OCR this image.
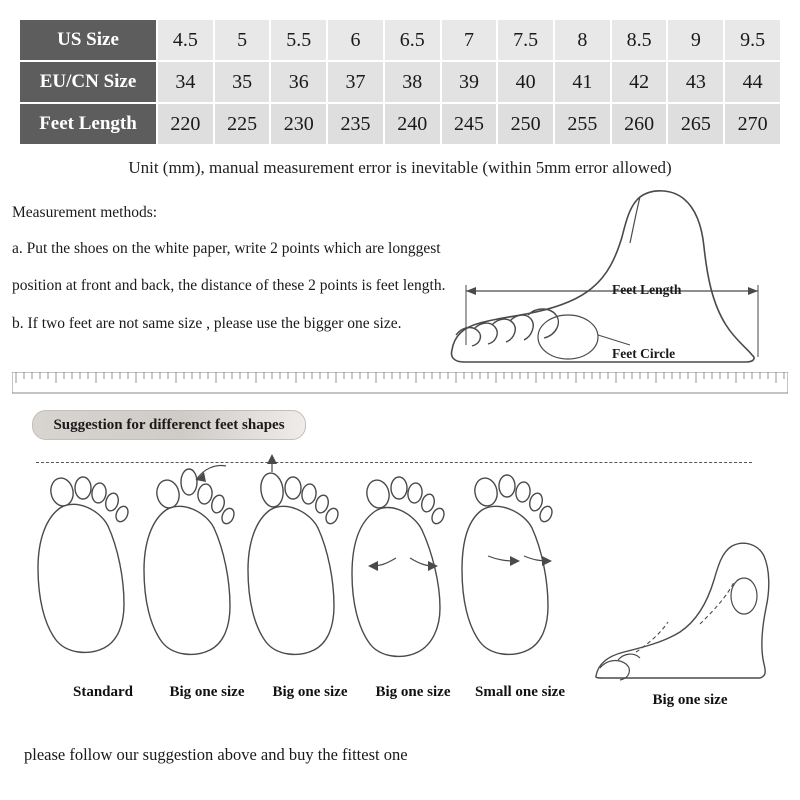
US Size	4.5	5	5.5	6	6.5	7	7.5	8	8.5	9	9.5
EU/CN Size	34	35	36	37	38	39	40	41	42	43	44
Feet Length	220	225	230	235	240	245	250	255	260	265	270
Unit (mm), manual measurement error is inevitable (within 5mm error allowed)

Measurement methods:

a. Put the shoes on the white paper, write 2 points which are longgest

position at front and back, the distance of these 2 points is feet length.

b. If two feet are not same size , please use the bigger one size.

Feet Length
Feet Circle
Suggestion for differenct feet shapes
Standard	Big one size	Big one size	Big one size	Small one size	Big one size
please follow our suggestion above and buy the fittest one
